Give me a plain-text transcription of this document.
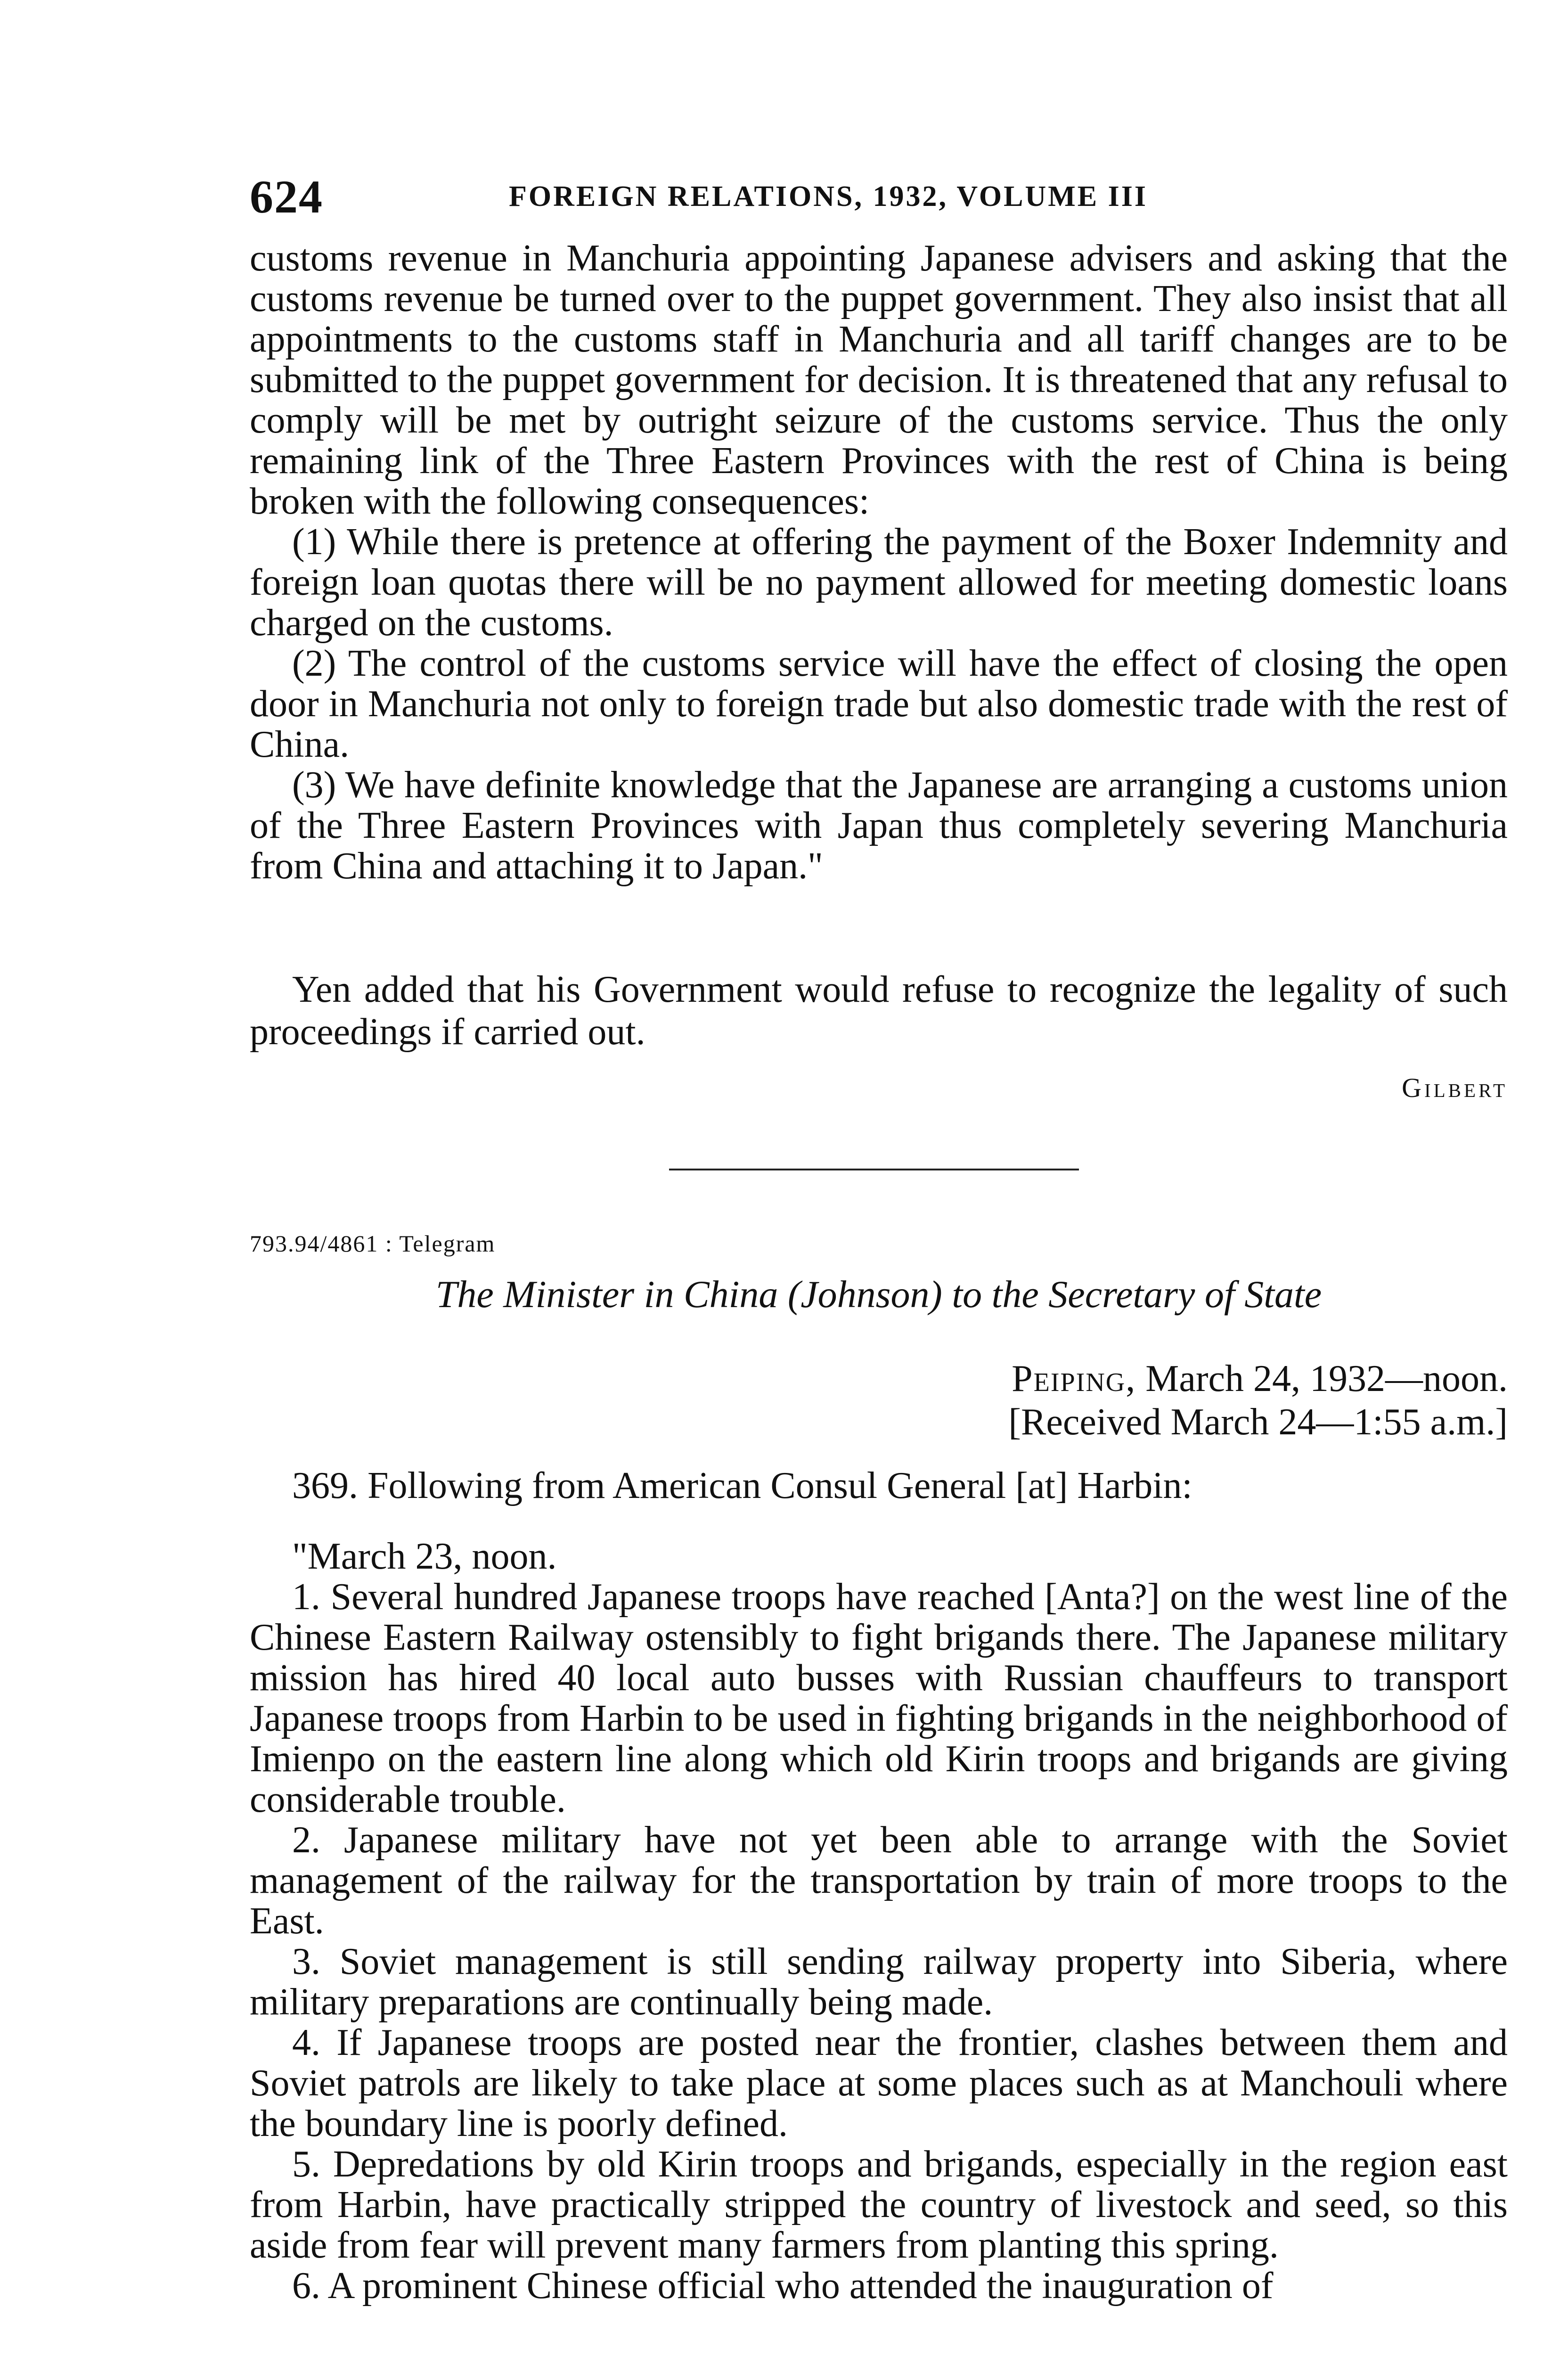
624	FOREIGN RELATIONS, 1932, VOLUME III

customs revenue in Manchuria appointing Japanese advisers and asking that the customs revenue be turned over to the puppet government. They also insist that all appointments to the customs staff in Manchuria and all tariff changes are to be submitted to the puppet government for decision. It is threatened that any refusal to comply will be met by outright seizure of the customs service. Thus the only remaining link of the Three Eastern Provinces with the rest of China is being broken with the following consequences:

(1) While there is pretence at offering the payment of the Boxer Indemnity and foreign loan quotas there will be no payment allowed for meeting domestic loans charged on the customs.

(2) The control of the customs service will have the effect of closing the open door in Manchuria not only to foreign trade but also domestic trade with the rest of China.

(3) We have definite knowledge that the Japanese are arranging a customs union of the Three Eastern Provinces with Japan thus completely severing Manchuria from China and attaching it to Japan."

Yen added that his Government would refuse to recognize the legality of such proceedings if carried out.

Gilbert
793.94/4861 : Telegram
The Minister in China (Johnson) to the Secretary of State
Peiping, March 24, 1932—noon.
[Received March 24—1:55 a.m.]

369. Following from American Consul General [at] Harbin:

"March 23, noon.

1. Several hundred Japanese troops have reached [Anta?] on the west line of the Chinese Eastern Railway ostensibly to fight brigands there. The Japanese military mission has hired 40 local auto busses with Russian chauffeurs to transport Japanese troops from Harbin to be used in fighting brigands in the neighborhood of Imienpo on the eastern line along which old Kirin troops and brigands are giving considerable trouble.

2. Japanese military have not yet been able to arrange with the Soviet management of the railway for the transportation by train of more troops to the East.

3. Soviet management is still sending railway property into Siberia, where military preparations are continually being made.

4. If Japanese troops are posted near the frontier, clashes between them and Soviet patrols are likely to take place at some places such as at Manchouli where the boundary line is poorly defined.

5. Depredations by old Kirin troops and brigands, especially in the region east from Harbin, have practically stripped the country of livestock and seed, so this aside from fear will prevent many farmers from planting this spring.

6. A prominent Chinese official who attended the inauguration of
